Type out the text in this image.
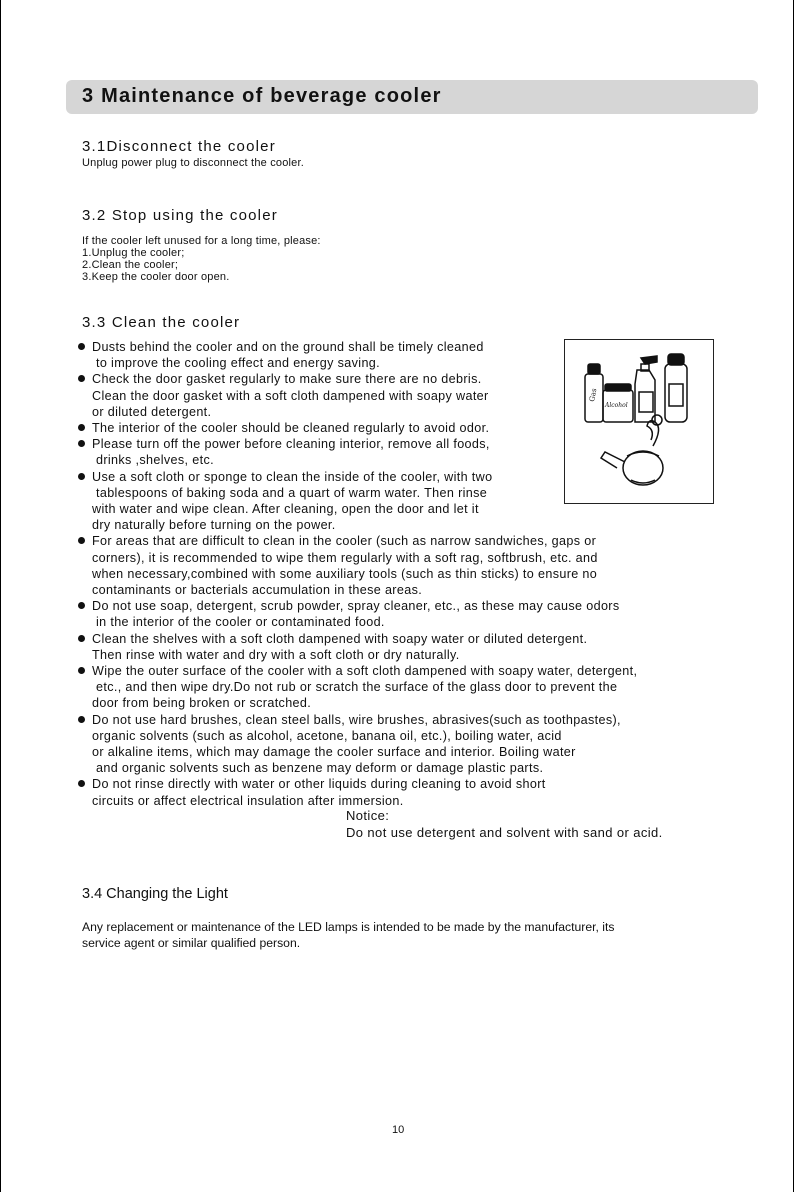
3 Maintenance of beverage cooler
3.1Disconnect the cooler
Unplug power plug to disconnect the cooler.
3.2 Stop using the cooler
If the cooler left unused for a long time, please:
1.Unplug the cooler;
2.Clean the cooler;
3.Keep the cooler door open.
3.3 Clean the cooler
Gas
Alcohol
Dusts behind the cooler and on the ground shall be timely cleaned
to improve the cooling effect and energy saving.
Check the door gasket regularly to make sure there are no debris.
Clean the door gasket with a soft cloth dampened with soapy water
or diluted detergent.
The interior of the cooler should be cleaned regularly to avoid odor.
Please turn off the power before cleaning interior, remove all foods,
drinks ,shelves, etc.
Use a soft cloth or sponge to clean the inside of the cooler, with two
tablespoons of baking soda and a quart of warm water. Then rinse
with water and wipe clean. After cleaning, open the door and let it
dry naturally before turning on the power.
For areas that are difficult to clean in the cooler (such as narrow sandwiches, gaps or
corners), it is recommended to wipe them regularly with a soft rag, softbrush, etc. and
when necessary,combined with some auxiliary tools (such as thin sticks) to ensure no
contaminants or bacterials accumulation in these areas.
Do not use soap, detergent, scrub powder, spray cleaner, etc., as these may cause odors
in the interior of the cooler or contaminated food.
Clean the shelves with a soft cloth dampened with soapy water or diluted detergent.
Then rinse with water and dry with a soft cloth or dry naturally.
Wipe the outer surface of the cooler with a soft cloth dampened with soapy water, detergent,
etc., and then wipe dry.Do not rub or scratch the surface of the glass door to prevent the
door from being broken or scratched.
Do not use hard brushes, clean steel balls, wire brushes, abrasives(such as toothpastes),
organic solvents (such as alcohol, acetone, banana oil, etc.), boiling water, acid
or alkaline items, which may damage the cooler surface and interior. Boiling water
and organic solvents such as benzene may deform or damage plastic parts.
Do not rinse directly with water or other liquids during cleaning to avoid short
circuits or affect electrical insulation after immersion.
Notice:
Do not use detergent and solvent with sand or acid.
3.4 Changing the Light
Any replacement or maintenance of the LED lamps is intended to be made by the manufacturer, its
service agent or similar qualified person.
10
